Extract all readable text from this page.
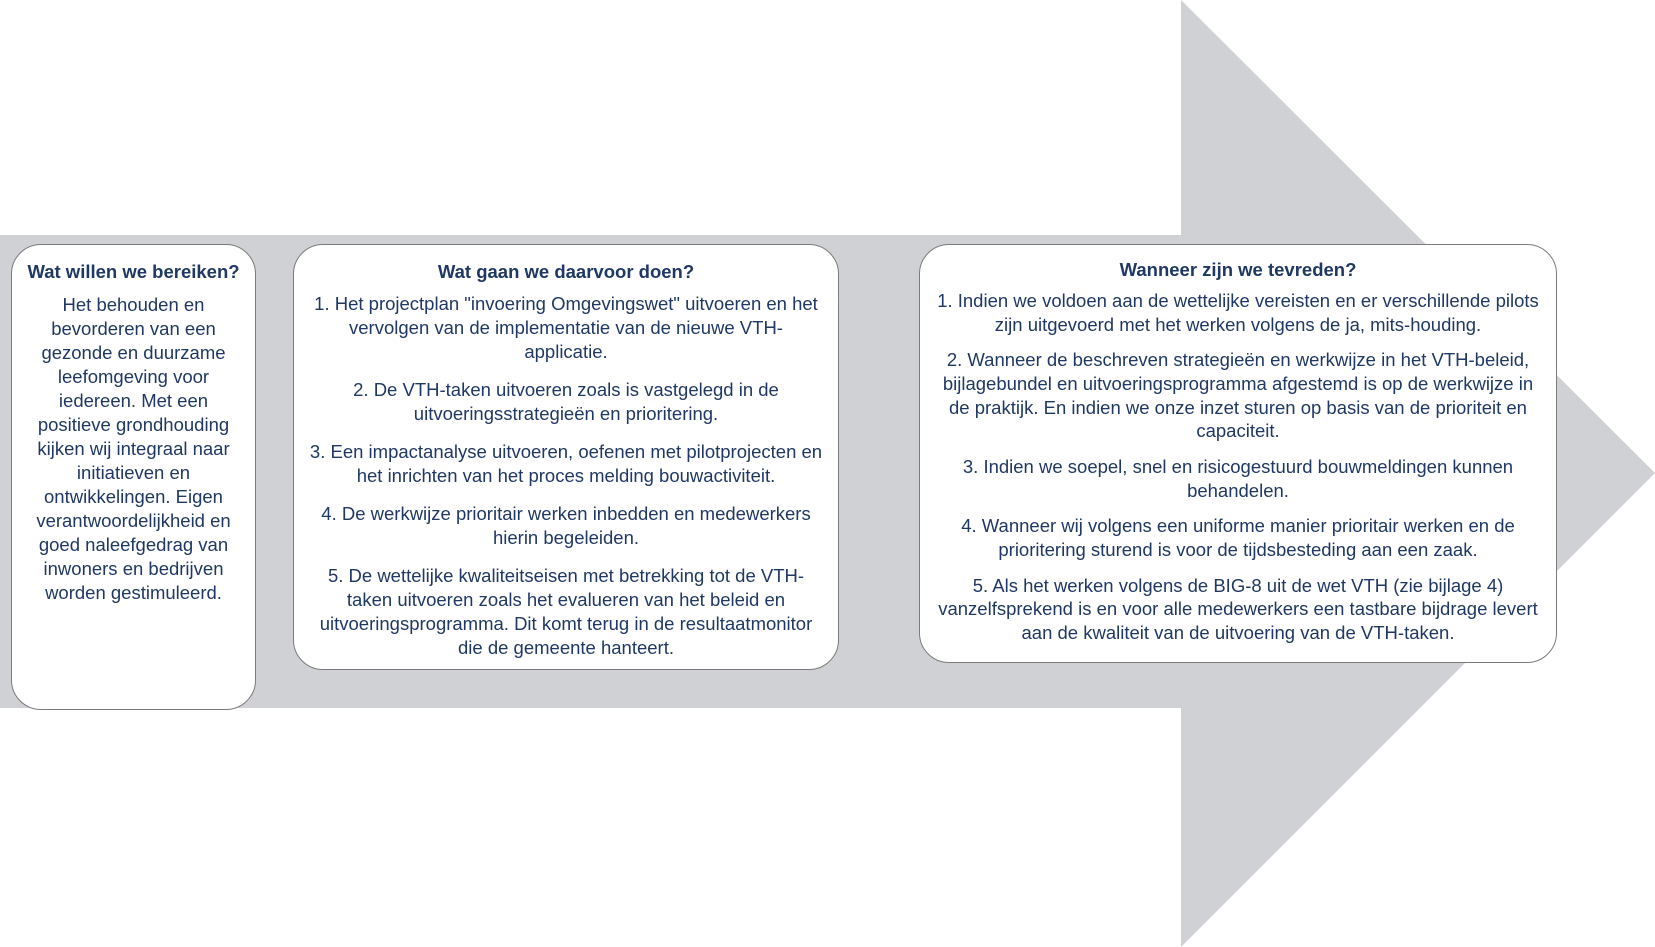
Wat willen we bereiken?

Het behouden en bevorderen van een gezonde en duurzame leefomgeving voor iedereen. Met een positieve grondhouding kijken wij integraal naar initiatieven en ontwikkelingen. Eigen verantwoordelijkheid en goed naleefgedrag van inwoners en bedrijven worden gestimuleerd.

Wat gaan we daarvoor doen?

1. Het projectplan "invoering Omgevingswet" uitvoeren en het vervolgen van de implementatie van de nieuwe VTH-applicatie.

2. De VTH-taken uitvoeren zoals is vastgelegd in de uitvoeringsstrategieën en prioritering.

3. Een impactanalyse uitvoeren, oefenen met pilotprojecten en het inrichten van het proces melding bouwactiviteit.

4. De werkwijze prioritair werken inbedden en medewerkers hierin begeleiden.

5. De wettelijke kwaliteitseisen met betrekking tot de VTH-taken uitvoeren zoals het evalueren van het beleid en uitvoeringsprogramma. Dit komt terug in de resultaatmonitor die de gemeente hanteert.

Wanneer zijn we tevreden?

1. Indien we voldoen aan de wettelijke vereisten en er verschillende pilots zijn uitgevoerd met het werken volgens de ja, mits-houding.

2. Wanneer de beschreven strategieën en werkwijze in het VTH-beleid, bijlagebundel en uitvoeringsprogramma afgestemd is op de werkwijze in de praktijk. En indien we onze inzet sturen op basis van de prioriteit en capaciteit.

3. Indien we soepel, snel en risicogestuurd bouwmeldingen kunnen behandelen.

4. Wanneer wij volgens een uniforme manier prioritair werken en de prioritering sturend is voor de tijdsbesteding aan een zaak.

5. Als het werken volgens de BIG-8 uit de wet VTH (zie bijlage 4) vanzelfsprekend is en voor alle medewerkers een tastbare bijdrage levert aan de kwaliteit van de uitvoering van de VTH-taken.
